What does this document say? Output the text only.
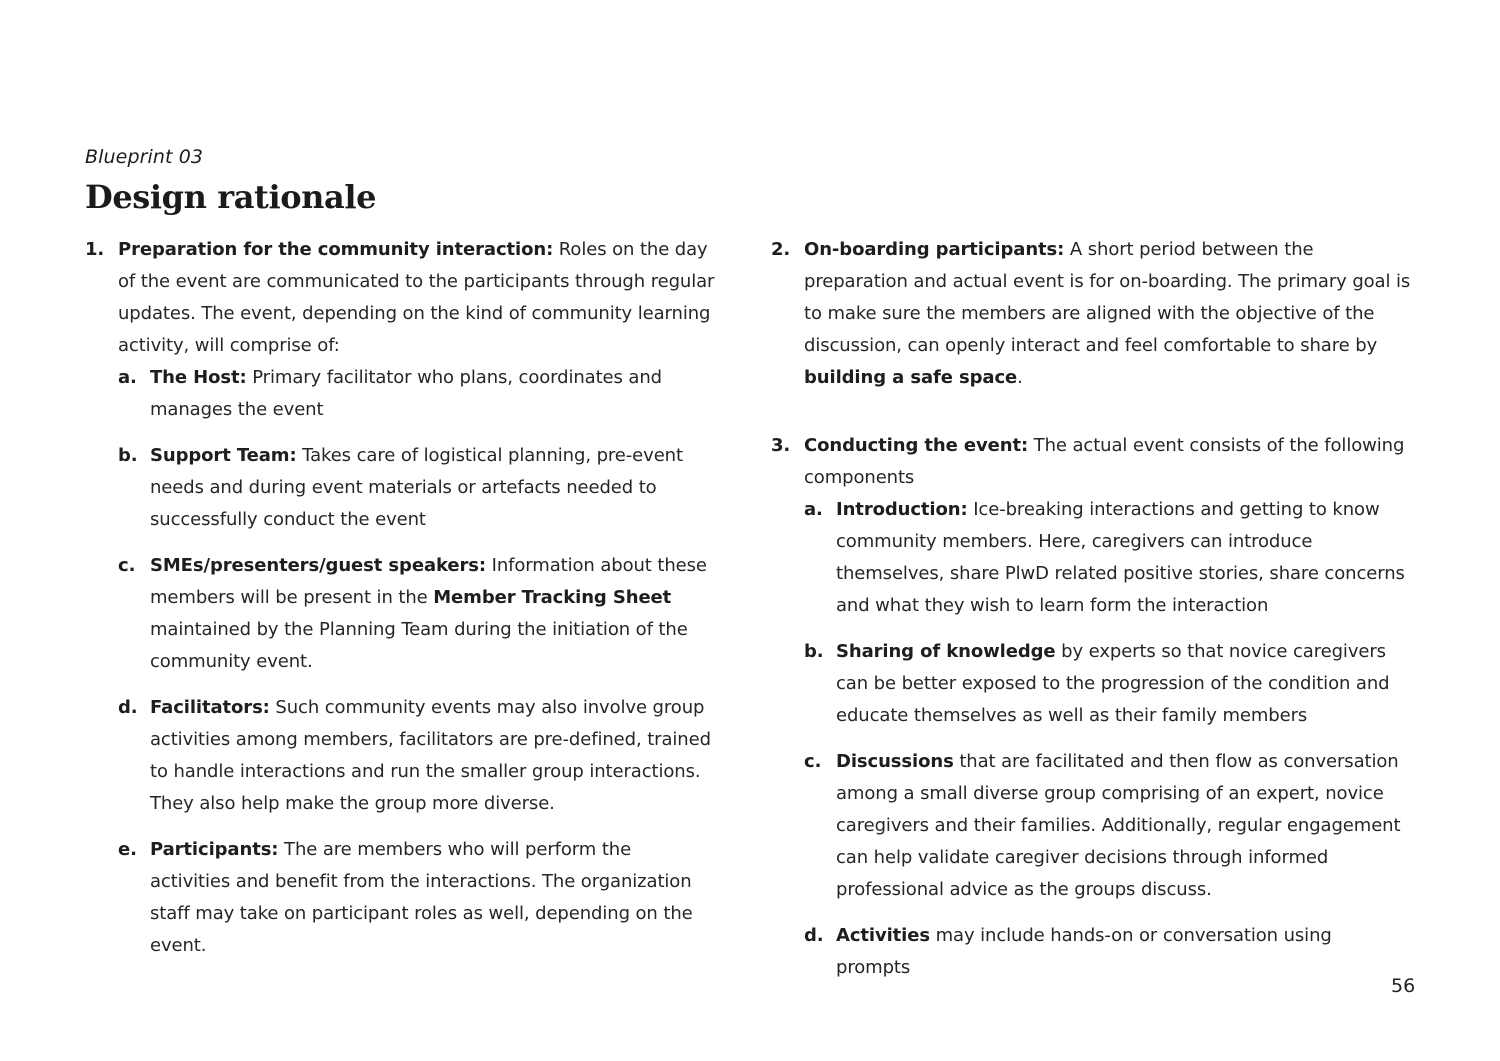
Blueprint 03
Design rationale
1. Preparation for the community interaction: Roles on the day of the event are communicated to the participants through regular updates. The event, depending on the kind of community learning activity, will comprise of:
a. The Host: Primary facilitator who plans, coordinates and manages the event
b. Support Team: Takes care of logistical planning, pre-event needs and during event materials or artefacts needed to successfully conduct the event
c. SMEs/presenters/guest speakers: Information about these members will be present in the Member Tracking Sheet maintained by the Planning Team during the initiation of the community event.
d. Facilitators: Such community events may also involve group activities among members, facilitators are pre-defined, trained to handle interactions and run the smaller group interactions. They also help make the group more diverse.
e. Participants: The are members who will perform the activities and benefit from the interactions. The organization staff may take on participant roles as well, depending on the event.
2. On-boarding participants: A short period between the preparation and actual event is for on-boarding. The primary goal is to make sure the members are aligned with the objective of the discussion, can openly interact and feel comfortable to share by building a safe space.
3. Conducting the event: The actual event consists of the following components
a. Introduction: Ice-breaking interactions and getting to know community members. Here, caregivers can introduce themselves, share PlwD related positive stories, share concerns and what they wish to learn form the interaction
b. Sharing of knowledge by experts so that novice caregivers can be better exposed to the progression of the condition and educate themselves as well as their family members
c. Discussions that are facilitated and then flow as conversation among a small diverse group comprising of an expert, novice caregivers and their families. Additionally, regular engagement can help validate caregiver decisions through informed professional advice as the groups discuss.
d. Activities may include hands-on or conversation using prompts
56
